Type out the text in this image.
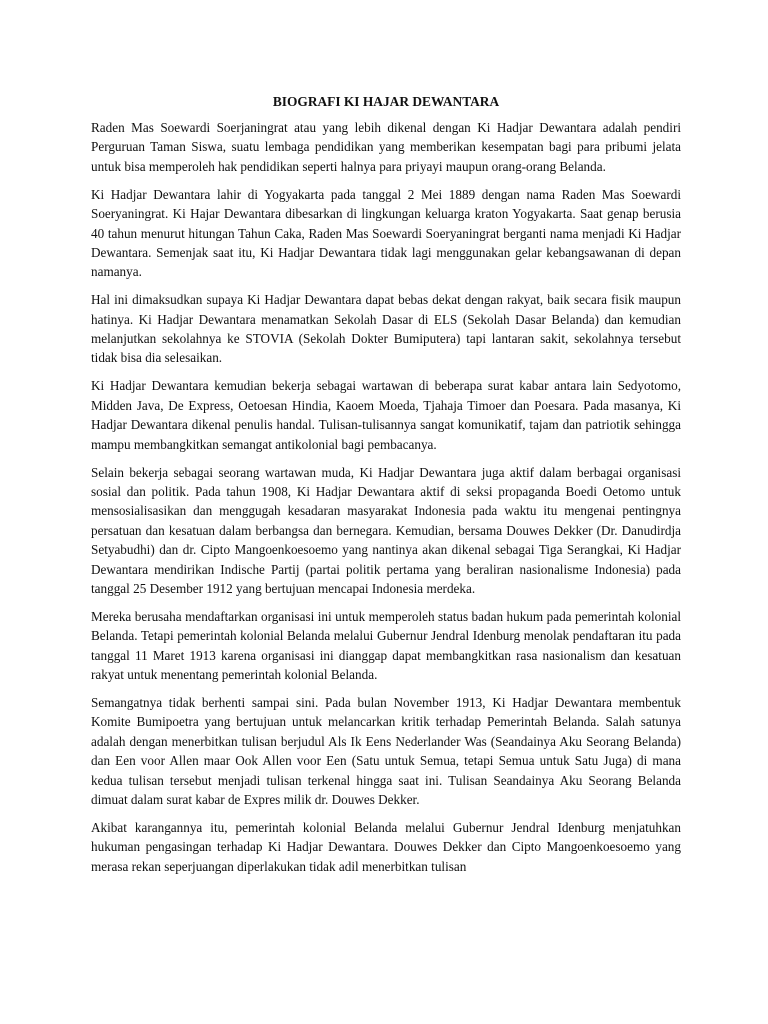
BIOGRAFI KI HAJAR DEWANTARA

Raden Mas Soewardi Soerjaningrat atau yang lebih dikenal dengan Ki Hadjar Dewantara adalah pendiri Perguruan Taman Siswa, suatu lembaga pendidikan yang memberikan kesempatan bagi para pribumi jelata untuk bisa memperoleh hak pendidikan seperti halnya para priyayi maupun orang-orang Belanda.

Ki Hadjar Dewantara lahir di Yogyakarta pada tanggal 2 Mei 1889 dengan nama Raden Mas Soewardi Soeryaningrat. Ki Hajar Dewantara dibesarkan di lingkungan keluarga kraton Yogyakarta. Saat genap berusia 40 tahun menurut hitungan Tahun Caka, Raden Mas Soewardi Soeryaningrat berganti nama menjadi Ki Hadjar Dewantara. Semenjak saat itu, Ki Hadjar Dewantara tidak lagi menggunakan gelar kebangsawanan di depan namanya.

Hal ini dimaksudkan supaya Ki Hadjar Dewantara dapat bebas dekat dengan rakyat, baik secara fisik maupun hatinya. Ki Hadjar Dewantara menamatkan Sekolah Dasar di ELS (Sekolah Dasar Belanda) dan kemudian melanjutkan sekolahnya ke STOVIA (Sekolah Dokter Bumiputera) tapi lantaran sakit, sekolahnya tersebut tidak bisa dia selesaikan.

Ki Hadjar Dewantara kemudian bekerja sebagai wartawan di beberapa surat kabar antara lain Sedyotomo, Midden Java, De Express, Oetoesan Hindia, Kaoem Moeda, Tjahaja Timoer dan Poesara. Pada masanya, Ki Hadjar Dewantara dikenal penulis handal. Tulisan-tulisannya sangat komunikatif, tajam dan patriotik sehingga mampu membangkitkan semangat antikolonial bagi pembacanya.

Selain bekerja sebagai seorang wartawan muda, Ki Hadjar Dewantara juga aktif dalam berbagai organisasi sosial dan politik. Pada tahun 1908, Ki Hadjar Dewantara aktif di seksi propaganda Boedi Oetomo untuk mensosialisasikan dan menggugah kesadaran masyarakat Indonesia pada waktu itu mengenai pentingnya persatuan dan kesatuan dalam berbangsa dan bernegara. Kemudian, bersama Douwes Dekker (Dr. Danudirdja Setyabudhi) dan dr. Cipto Mangoenkoesoemo yang nantinya akan dikenal sebagai Tiga Serangkai, Ki Hadjar Dewantara mendirikan Indische Partij (partai politik pertama yang beraliran nasionalisme Indonesia) pada tanggal 25 Desember 1912 yang bertujuan mencapai Indonesia merdeka.

Mereka berusaha mendaftarkan organisasi ini untuk memperoleh status badan hukum pada pemerintah kolonial Belanda. Tetapi pemerintah kolonial Belanda melalui Gubernur Jendral Idenburg menolak pendaftaran itu pada tanggal 11 Maret 1913 karena organisasi ini dianggap dapat membangkitkan rasa nasionalism dan kesatuan rakyat untuk menentang pemerintah kolonial Belanda.

Semangatnya tidak berhenti sampai sini. Pada bulan November 1913, Ki Hadjar Dewantara membentuk Komite Bumipoetra yang bertujuan untuk melancarkan kritik terhadap Pemerintah Belanda. Salah satunya adalah dengan menerbitkan tulisan berjudul Als Ik Eens Nederlander Was (Seandainya Aku Seorang Belanda) dan Een voor Allen maar Ook Allen voor Een (Satu untuk Semua, tetapi Semua untuk Satu Juga) di mana kedua tulisan tersebut menjadi tulisan terkenal hingga saat ini. Tulisan Seandainya Aku Seorang Belanda dimuat dalam surat kabar de Expres milik dr. Douwes Dekker.

Akibat karangannya itu, pemerintah kolonial Belanda melalui Gubernur Jendral Idenburg menjatuhkan hukuman pengasingan terhadap Ki Hadjar Dewantara. Douwes Dekker dan Cipto Mangoenkoesoemo yang merasa rekan seperjuangan diperlakukan tidak adil menerbitkan tulisan
